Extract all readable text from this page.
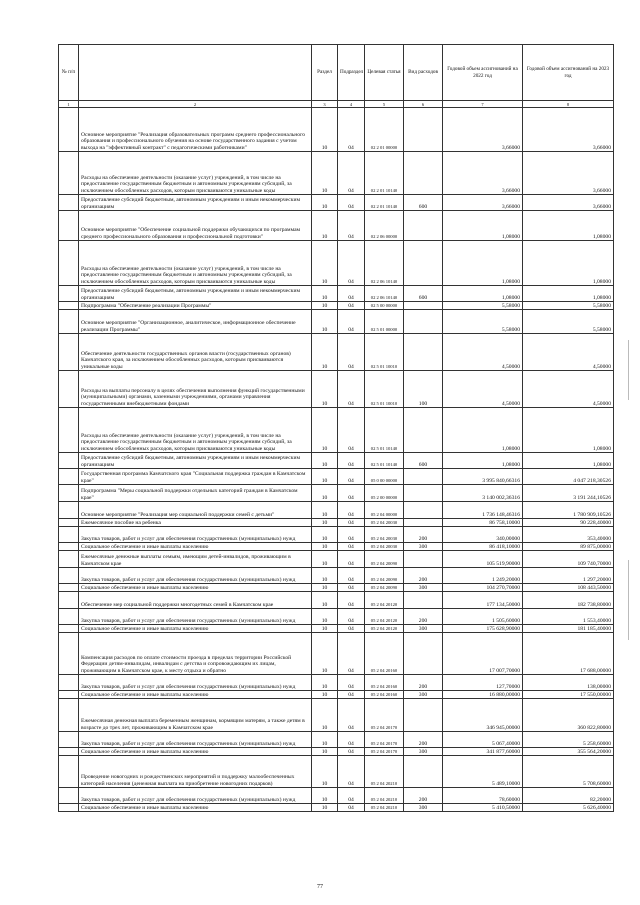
№ п/п		Раздел	Подраздел	Целевая статья	Вид расходов	Годовой объем ассигнований на 2022 год	Годовой объем ассигнований на 2023 год
1	2	3	4	5	6	7	8
	Основное мероприятие "Реализация образовательных программ среднего профессионального образования и профессионального обучения на основе государственного задания с учетом выхода на "эффективный контракт" с педагогическими работниками"	10	04	02 2 01 00000		3,66000	3,66000
	Расходы на обеспечение деятельности (оказание услуг) учреждений, в том числе на предоставление государственным бюджетным и автономным учреждениям субсидий, за исключением обособленных расходов, которым присваиваются уникальные коды	10	04	02 2 01 10140		3,66000	3,66000
	Предоставление субсидий бюджетным, автономным учреждениям и иным некоммерческим организациям	10	04	02 2 01 10140	600	3,66000	3,66000
	Основное мероприятие "Обеспечение социальной поддержки обучающихся по программам среднего профессионального образования и профессиональной подготовки"	10	04	02 2 06 00000		1,08000	1,08000
	Расходы на обеспечение деятельности (оказание услуг) учреждений, в том числе на предоставление государственным бюджетным и автономным учреждениям субсидий, за исключением обособленных расходов, которым присваиваются уникальные коды	10	04	02 2 06 10140		1,08000	1,08000
	Предоставление субсидий бюджетным, автономным учреждениям и иным некоммерческим организациям	10	04	02 2 06 10140	600	1,08000	1,08000
	Подпрограмма "Обеспечение реализации Программы"	10	04	02 5 00 00000		5,58000	5,58000
	Основное мероприятие "Организационное, аналитическое, информационное обеспечение реализации Программы"	10	04	02 5 01 00000		5,58000	5,58000
	Обеспечение деятельности государственных органов власти (государственных органов) Камчатского края, за исключением обособленных расходов, которым присваиваются уникальные коды	10	04	02 5 01 10010		4,50000	4,50000
	Расходы на выплаты персоналу в целях обеспечения выполнения функций государственными (муниципальными) органами, казенными учреждениями, органами управления государственными внебюджетными фондами	10	04	02 5 01 10010	100	4,50000	4,50000
	Расходы на обеспечение деятельности (оказание услуг) учреждений, в том числе на предоставление государственным бюджетным и автономным учреждениям субсидий, за исключением обособленных расходов, которым присваиваются уникальные коды	10	04	02 5 01 10140		1,08000	1,08000
	Предоставление субсидий бюджетным, автономным учреждениям и иным некоммерческим организациям	10	04	02 5 01 10140	600	1,08000	1,08000
	Государственная программа Камчатского края "Социальная поддержка граждан в Камчатском крае"	10	04	05 0 00 00000		3 995 840,66316	4 047 218,30526
	Подпрограмма "Меры социальной поддержки отдельных категорий граждан в Камчатском крае"	10	04	05 2 00 00000		3 140 002,36316	3 191 244,10526
	Основное мероприятие "Реализация мер социальной поддержки семей с детьми"	10	04	05 2 04 00000		1 736 148,46316	1 780 909,10526
	Ежемесячное пособие на ребенка	10	04	05 2 04 20030		86 758,10000	90 228,40000
	Закупка товаров, работ и услуг для обеспечения государственных (муниципальных) нужд	10	04	05 2 04 20030	200	340,00000	353,40000
	Социальное обеспечение и иные выплаты населению	10	04	05 2 04 20030	300	86 418,10000	89 875,00000
	Ежемесячные денежные выплаты семьям, имеющим детей-инвалидов, проживающим в Камчатском крае	10	04	05 2 04 20090		105 519,90000	109 740,70000
	Закупка товаров, работ и услуг для обеспечения государственных (муниципальных) нужд	10	04	05 2 04 20090	200	1 249,20000	1 297,20000
	Социальное обеспечение и иные выплаты населению	10	04	05 2 04 20090	300	104 270,70000	108 443,50000
	Обеспечение мер социальной поддержки многодетных семей в Камчатском крае	10	04	05 2 04 20120		177 134,50000	182 738,80000
	Закупка товаров, работ и услуг для обеспечения государственных (муниципальных) нужд	10	04	05 2 04 20120	200	1 505,60000	1 553,40000
	Социальное обеспечение и иные выплаты населению	10	04	05 2 04 20120	300	175 628,90000	181 185,40000
	Компенсация расходов по оплате стоимости проезда в пределах территории Российской Федерации детям-инвалидам, инвалидам с детства и сопровождающим их лицам, проживающим в Камчатском крае, к месту отдыха и обратно	10	04	05 2 04 20160		17 007,70000	17 688,00000
	Закупка товаров, работ и услуг для обеспечения государственных (муниципальных) нужд	10	04	05 2 04 20160	200	127,70000	138,00000
	Социальное обеспечение и иные выплаты населению	10	04	05 2 04 20160	300	16 880,00000	17 550,00000
	Ежемесячная денежная выплата беременным женщинам, кормящим матерям, а также детям в возрасте до трех лет, проживающим в Камчатском крае	10	04	05 2 04 20170		346 945,00000	360 822,80000
	Закупка товаров, работ и услуг для обеспечения государственных (муниципальных) нужд	10	04	05 2 04 20170	200	5 067,40000	5 258,60000
	Социальное обеспечение и иные выплаты населению	10	04	05 2 04 20170	300	341 877,60000	355 564,20000
	Проведение новогодних и рождественских мероприятий и поддержку малообеспеченных категорий населения (денежная выплата на приобретение новогодних подарков)	10	04	05 2 04 20210		5 489,10000	5 708,60000
	Закупка товаров, работ и услуг для обеспечения государственных (муниципальных) нужд	10	04	05 2 04 20210	200	78,60000	82,20000
	Социальное обеспечение и иные выплаты населению	10	04	05 2 04 20210	300	5 410,50000	5 626,40000
77
